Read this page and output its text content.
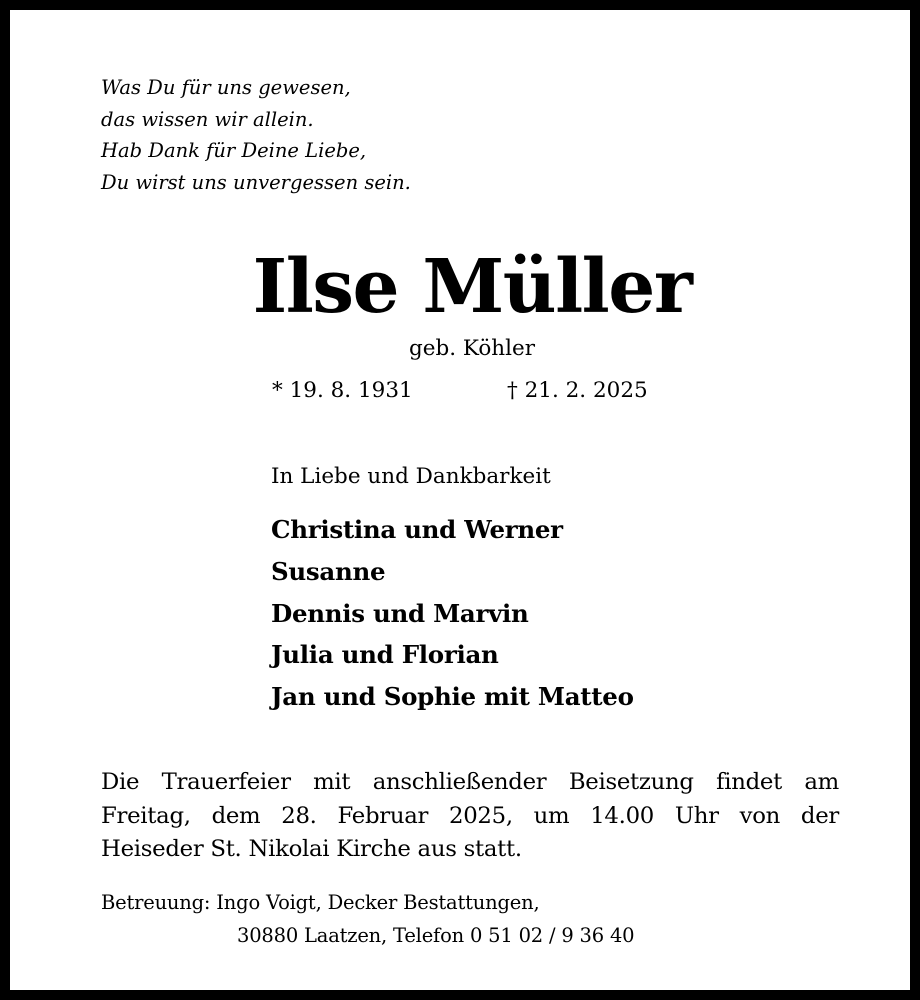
Was Du für uns gewesen,
das wissen wir allein.
Hab Dank für Deine Liebe,
Du wirst uns unvergessen sein.
Ilse Müller
geb. Köhler
* 19. 8. 1931	† 21. 2. 2025
In Liebe und Dankbarkeit
Christina und Werner
Susanne
Dennis und Marvin
Julia und Florian
Jan und Sophie mit Matteo
Die Trauerfeier mit anschließender Beisetzung findet am
Freitag, dem 28. Februar 2025, um 14.00 Uhr von der
Heiseder St. Nikolai Kirche aus statt.
Betreuung: Ingo Voigt, Decker Bestattungen,
30880 Laatzen, Telefon 0 51 02 / 9 36 40
